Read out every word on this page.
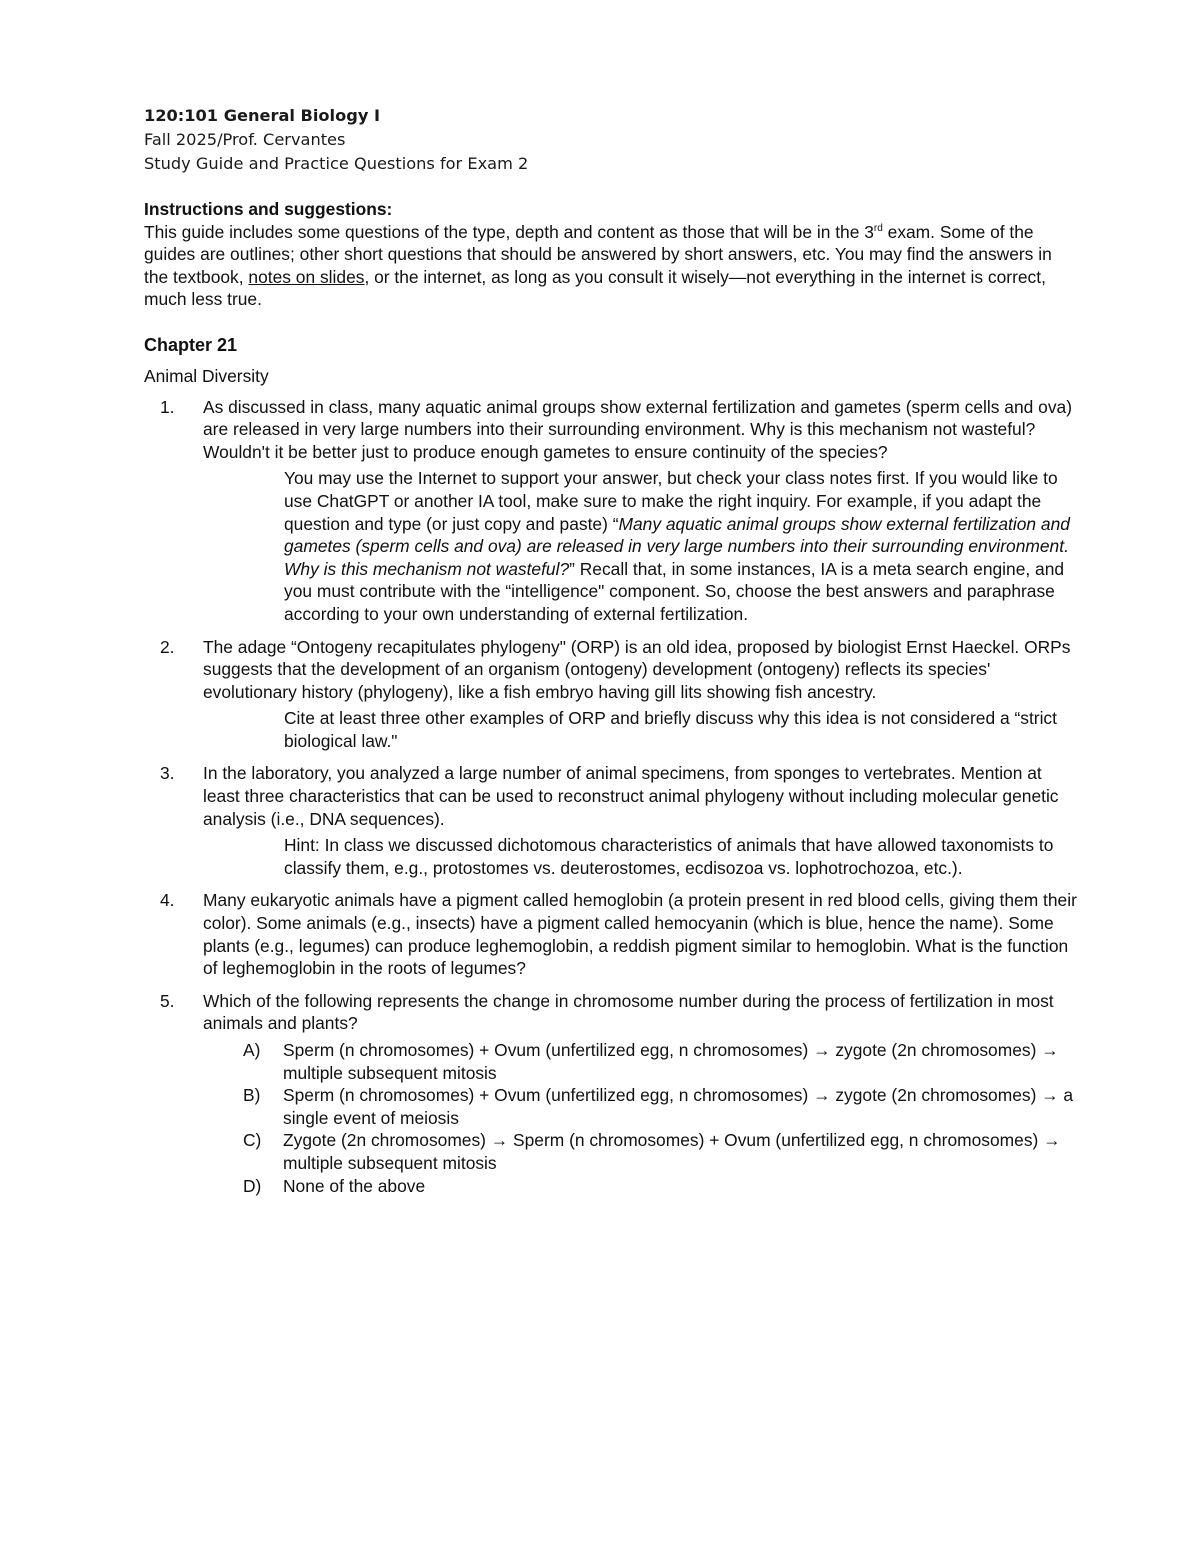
120:101 General Biology I

Fall 2025/Prof. Cervantes

Study Guide and Practice Questions for Exam 2

Instructions and suggestions:

This guide includes some questions of the type, depth and content as those that will be in the 3rd exam. Some of the guides are outlines; other short questions that should be answered by short answers, etc. You may find the answers in the textbook, notes on slides, or the internet, as long as you consult it wisely—not everything in the internet is correct, much less true.

Chapter 21

Animal Diversity

1.	As discussed in class, many aquatic animal groups show external fertilization and gametes (sperm cells and ova) are released in very large numbers into their surrounding environment. Why is this mechanism not wasteful? Wouldn't it be better just to produce enough gametes to ensure continuity of the species?

You may use the Internet to support your answer, but check your class notes first. If you would like to use ChatGPT or another IA tool, make sure to make the right inquiry. For example, if you adapt the question and type (or just copy and paste) “Many aquatic animal groups show external fertilization and gametes (sperm cells and ova) are released in very large numbers into their surrounding environment. Why is this mechanism not wasteful?” Recall that, in some instances, IA is a meta search engine, and you must contribute with the “intelligence" component. So, choose the best answers and paraphrase according to your own understanding of external fertilization.

2.	The adage “Ontogeny recapitulates phylogeny" (ORP) is an old idea, proposed by biologist Ernst Haeckel. ORPs suggests that the development of an organism (ontogeny) development (ontogeny) reflects its species' evolutionary history (phylogeny), like a fish embryo having gill lits showing fish ancestry.

Cite at least three other examples of ORP and briefly discuss why this idea is not considered a “strict biological law."

3.	In the laboratory, you analyzed a large number of animal specimens, from sponges to vertebrates. Mention at least three characteristics that can be used to reconstruct animal phylogeny without including molecular genetic analysis (i.e., DNA sequences).

Hint: In class we discussed dichotomous characteristics of animals that have allowed taxonomists to classify them, e.g., protostomes vs. deuterostomes, ecdisozoa vs. lophotrochozoa, etc.).

4.	Many eukaryotic animals have a pigment called hemoglobin (a protein present in red blood cells, giving them their color). Some animals (e.g., insects) have a pigment called hemocyanin (which is blue, hence the name). Some plants (e.g., legumes) can produce leghemoglobin, a reddish pigment similar to hemoglobin. What is the function of leghemoglobin in the roots of legumes?

5.	Which of the following represents the change in chromosome number during the process of fertilization in most animals and plants?

A)	Sperm (n chromosomes) + Ovum (unfertilized egg, n chromosomes) → zygote (2n chromosomes) → multiple subsequent mitosis
B)	Sperm (n chromosomes) + Ovum (unfertilized egg, n chromosomes) → zygote (2n chromosomes) → a single event of meiosis
C)	Zygote (2n chromosomes) → Sperm (n chromosomes) + Ovum (unfertilized egg, n chromosomes) → multiple subsequent mitosis
D)	None of the above
